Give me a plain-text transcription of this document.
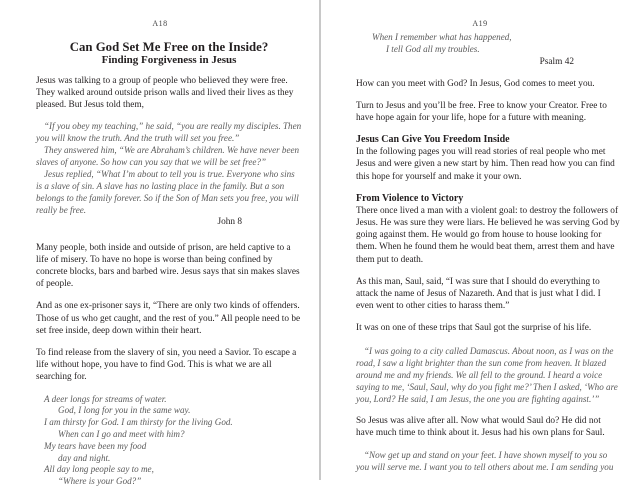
A18	A19
Can God Set Me Free on the Inside?
Finding Forgiveness in Jesus

Jesus was talking to a group of people who believed they were free. They walked around outside prison walls and lived their lives as they pleased. But Jesus told them,

“If you obey my teaching,” he said, “you are really my disciples. Then you will know the truth. And the truth will set you free.”

They answered him, “We are Abraham’s children. We have never been slaves of anyone. So how can you say that we will be set free?”

Jesus replied, “What I’m about to tell you is true. Everyone who sins is a slave of sin. A slave has no lasting place in the family. But a son belongs to the family forever. So if the Son of Man sets you free, you will really be free.

John 8

Many people, both inside and outside of prison, are held captive to a life of misery. To have no hope is worse than being confined by concrete blocks, bars and barbed wire. Jesus says that sin makes slaves of people.

And as one ex-prisoner says it, “There are only two kinds of offenders. Those of us who get caught, and the rest of you.” All people need to be set free inside, deep down within their heart.

To find release from the slavery of sin, you need a Savior. To escape a life without hope, you have to find God. This is what we are all searching for.

A deer longs for streams of water.
God, I long for you in the same way.
I am thirsty for God. I am thirsty for the living God.
When can I go and meet with him?
My tears have been my food
day and night.
All day long people say to me,
“Where is your God?”
When I remember what has happened,
I tell God all my troubles.
Psalm 42

How can you meet with God? In Jesus, God comes to meet you.

Turn to Jesus and you’ll be free. Free to know your Creator. Free to have hope again for your life, hope for a future with meaning.

Jesus Can Give You Freedom Inside

In the following pages you will read stories of real people who met Jesus and were given a new start by him. Then read how you can find this hope for yourself and make it your own.

From Violence to Victory

There once lived a man with a violent goal: to destroy the followers of Jesus. He was sure they were liars. He believed he was serving God by going against them. He would go from house to house looking for them. When he found them he would beat them, arrest them and have them put to death.

As this man, Saul, said, “I was sure that I should do everything to attack the name of Jesus of Nazareth. And that is just what I did. I even went to other cities to harass them.”

It was on one of these trips that Saul got the surprise of his life.

“I was going to a city called Damascus. About noon, as I was on the road, I saw a light brighter than the sun come from heaven. It blazed around me and my friends. We all fell to the ground. I heard a voice saying to me, ‘Saul, Saul, why do you fight me?’ Then I asked, ‘Who are you, Lord? He said, I am Jesus, the one you are fighting against.’”

So Jesus was alive after all. Now what would Saul do? He did not have much time to think about it. Jesus had his own plans for Saul.

“Now get up and stand on your feet. I have shown myself to you so you will serve me. I want you to tell others about me. I am sending you
